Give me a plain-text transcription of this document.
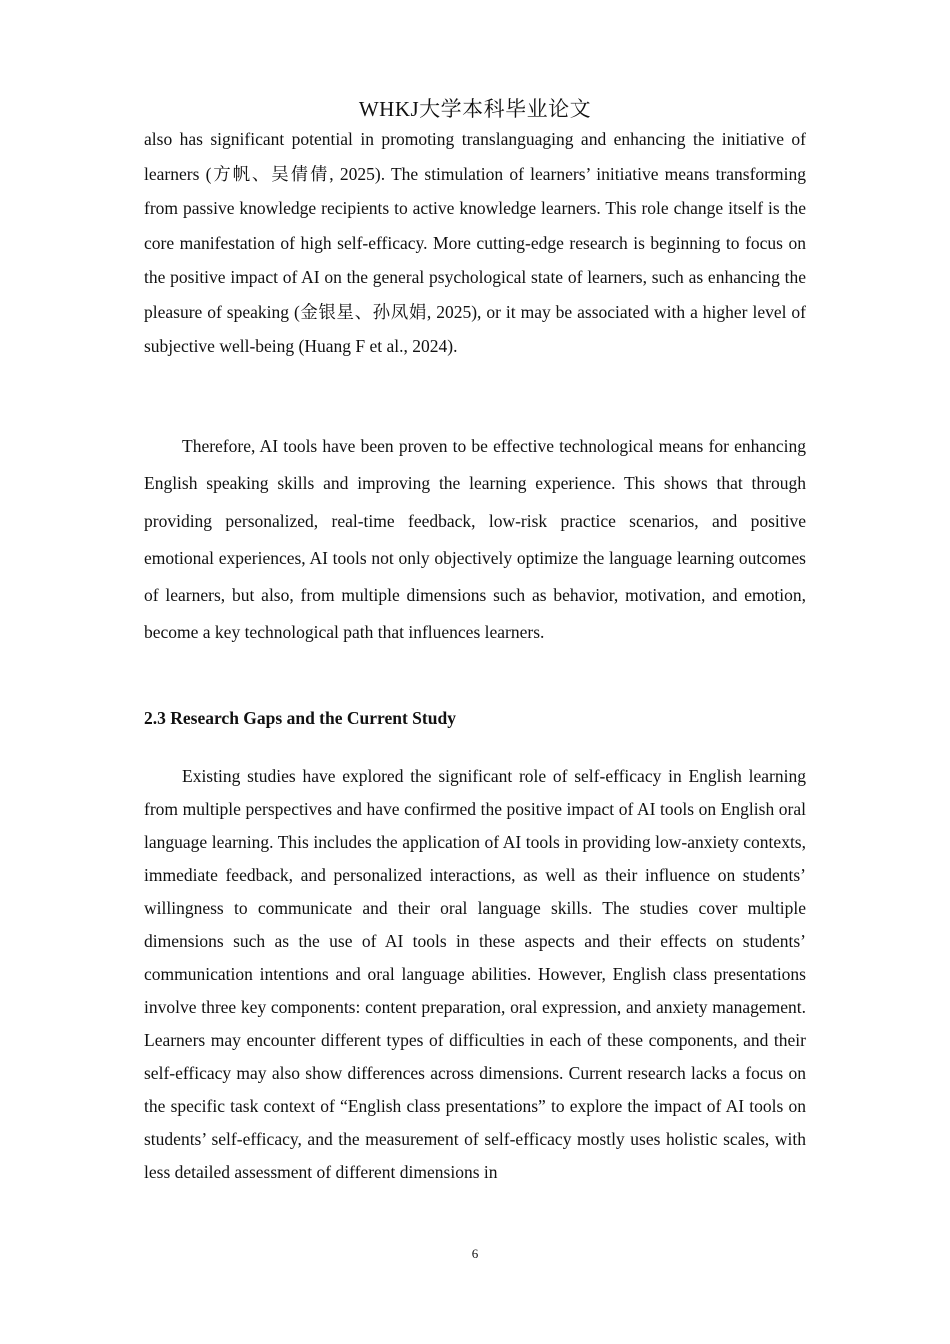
WHKJ大学本科毕业论文

also has significant potential in promoting translanguaging and enhancing the initiative of learners (方帆、吴倩倩, 2025). The stimulation of learners’ initiative means transforming from passive knowledge recipients to active knowledge learners. This role change itself is the core manifestation of high self-efficacy. More cutting-edge research is beginning to focus on the positive impact of AI on the general psychological state of learners, such as enhancing the pleasure of speaking (金银星、孙凤娟, 2025), or it may be associated with a higher level of subjective well-being (Huang F et al., 2024).

Therefore, AI tools have been proven to be effective technological means for enhancing English speaking skills and improving the learning experience. This shows that through providing personalized, real-time feedback, low-risk practice scenarios, and positive emotional experiences, AI tools not only objectively optimize the language learning outcomes of learners, but also, from multiple dimensions such as behavior, motivation, and emotion, become a key technological path that influences learners.

2.3 Research Gaps and the Current Study

Existing studies have explored the significant role of self-efficacy in English learning from multiple perspectives and have confirmed the positive impact of AI tools on English oral language learning. This includes the application of AI tools in providing low-anxiety contexts, immediate feedback, and personalized interactions, as well as their influence on students’ willingness to communicate and their oral language skills. The studies cover multiple dimensions such as the use of AI tools in these aspects and their effects on students’ communication intentions and oral language abilities. However, English class presentations involve three key components: content preparation, oral expression, and anxiety management. Learners may encounter different types of difficulties in each of these components, and their self-efficacy may also show differences across dimensions. Current research lacks a focus on the specific task context of “English class presentations” to explore the impact of AI tools on students’ self-efficacy, and the measurement of self-efficacy mostly uses holistic scales, with less detailed assessment of different dimensions in

6
